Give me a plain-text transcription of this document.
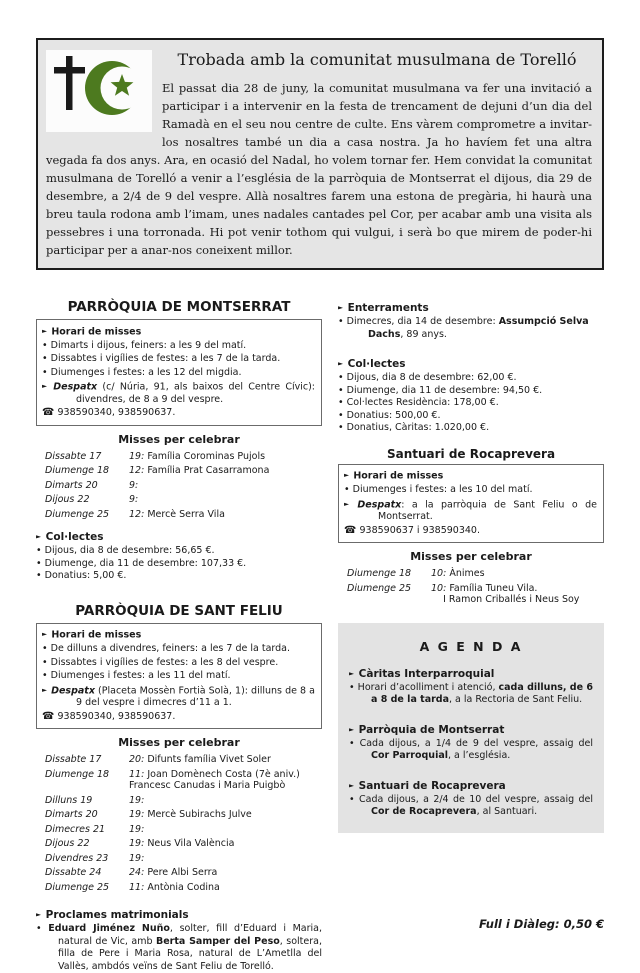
Trobada amb la comunitat musulmana de Torelló
El passat dia 28 de juny, la comunitat musulmana va fer una invitació a participar i a intervenir en la festa de trencament de dejuni d’un dia del Ramadà en el seu nou centre de culte. Ens vàrem comprometre a invitar-los nosaltres també un dia a casa nostra. Ja ho havíem fet una altra vegada fa dos anys. Ara, en ocasió del Nadal, ho volem tornar fer. Hem convidat la comunitat musulmana de Torelló a venir a l’església de la parròquia de Montserrat el dijous, dia 29 de desembre, a 2/4 de 9 del vespre. Allà nosaltres farem una estona de pregària, hi haurà una breu taula rodona amb l’imam, unes nadales cantades pel Cor, per acabar amb una visita als pessebres i una torronada. Hi pot venir tothom qui vulgui, i serà bo que mirem de poder-hi participar per a anar-nos coneixent millor.
PARRÒQUIA DE MONTSERRAT
► Horari de misses
• Dimarts i dijous, feiners: a les 9 del matí.
• Dissabtes i vigílies de festes: a les 7 de la tarda.
• Diumenges i festes: a les 12 del migdia.
► Despatx (c/ Núria, 91, als baixos del Centre Cívic): divendres, de 8 a 9 del vespre.
☎ 938590340, 938590637.
Misses per celebrar
Dissabte 17	19: Família Corominas Pujols
Diumenge 18	12: Família Prat Casarramona
Dimarts 20	9:
Dijous 22	9:
Diumenge 25	12: Mercè Serra Vila
► Col·lectes
• Dijous, dia 8 de desembre: 56,65 €.
• Diumenge, dia 11 de desembre: 107,33 €.
• Donatius: 5,00 €.
PARRÒQUIA DE SANT FELIU
► Horari de misses
• De dilluns a divendres, feiners: a les 7 de la tarda.
• Dissabtes i vigílies de festes: a les 8 del vespre.
• Diumenges i festes: a les 11 del matí.
► Despatx (Placeta Mossèn Fortià Solà, 1): dilluns de 8 a 9 del vespre i dimecres d’11 a 1.
☎ 938590340, 938590637.
Misses per celebrar
Dissabte 17	20: Difunts família Vivet Soler
Diumenge 18	11: Joan Domènech Costa (7è aniv.)
Francesc Canudas i Maria Puigbò
Dilluns 19	19:
Dimarts 20	19: Mercè Subirachs Julve
Dimecres 21	19:
Dijous 22	19: Neus Vila València
Divendres 23	19:
Dissabte 24	24: Pere Albi Serra
Diumenge 25	11: Antònia Codina
► Proclames matrimonials
• Eduard Jiménez Nuño, solter, fill d’Eduard i Maria, natural de Vic, amb Berta Samper del Peso, soltera, filla de Pere i Maria Rosa, natural de L’Ametlla del Vallès, ambdós veïns de Sant Feliu de Torelló.
► Enterraments
• Dimecres, dia 14 de desembre: Assumpció Selva Dachs, 89 anys.
► Col·lectes
• Dijous, dia 8 de desembre: 62,00 €.
• Diumenge, dia 11 de desembre: 94,50 €.
• Col·lectes Residència: 178,00 €.
• Donatius: 500,00 €.
• Donatius, Càritas: 1.020,00 €.
Santuari de Rocaprevera
► Horari de misses
• Diumenges i festes: a les 10 del matí.
► Despatx: a la parròquia de Sant Feliu o de Montserrat.
☎ 938590637 i 938590340.
Misses per celebrar
Diumenge 18	10: Ànimes
Diumenge 25	10: Família Tuneu Vila.
I Ramon Criballés i Neus Soy
A G E N D A
► Càritas Interparroquial
• Horari d’acolliment i atenció, cada dilluns, de 6 a 8 de la tarda, a la Rectoria de Sant Feliu.
► Parròquia de Montserrat
• Cada dijous, a 1/4 de 9 del vespre, assaig del Cor Parroquial, a l’església.
► Santuari de Rocaprevera
• Cada dijous, a 2/4 de 10 del vespre, assaig del Cor de Rocaprevera, al Santuari.
Full i Diàleg: 0,50 €
